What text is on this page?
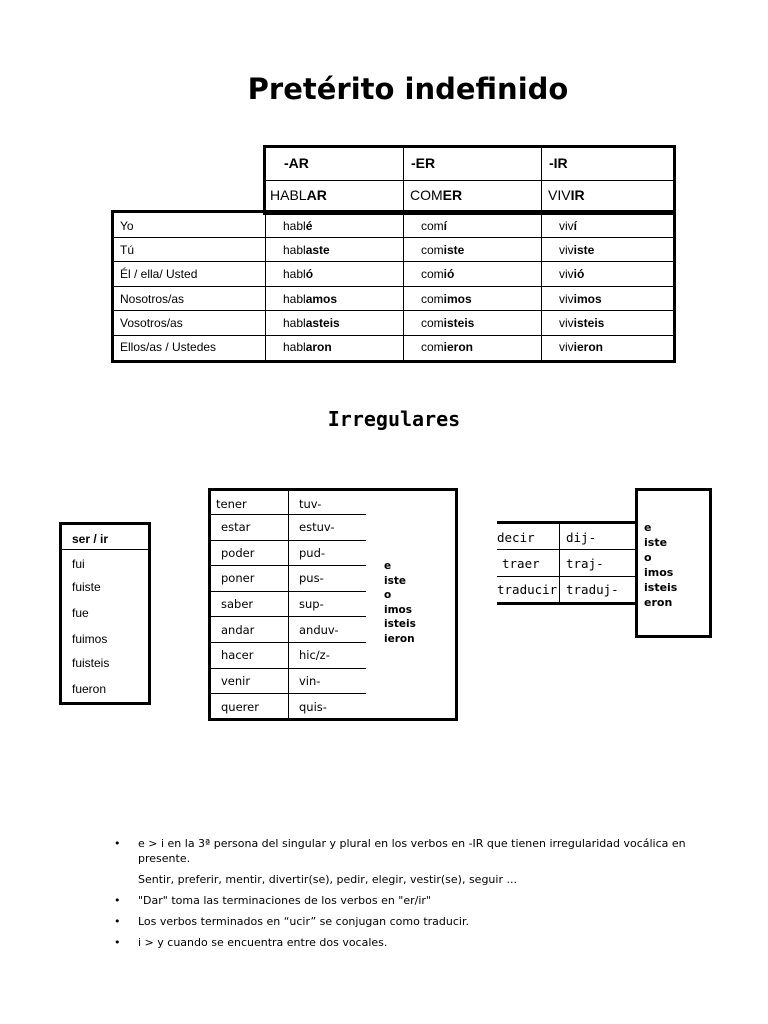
Pretérito indefinido
-AR	-ER	-IR
HABLAR	COMER	VIVIR
Yo	hablé	comí	viví
Tú	hablaste	comiste	viviste
Él / ella/ Usted	habló	comió	vivió
Nosotros/as	hablamos	comimos	vivimos
Vosotros/as	hablasteis	comisteis	vivisteis
Ellos/as / Ustedes	hablaron	comieron	vivieron
Irregulares
ser / ir
fui
fuiste
fue
fuimos
fuisteis
fueron
tener	tuv-
estar	estuv-
poder	pud-
poner	pus-
saber	sup-
andar	anduv-
hacer	hic/z-
venir	vin-
querer	quis-
e
iste
o
imos
isteis
ieron
decir	dij-
traer traj-
traducir traduj-
e
iste
o
imos
isteis
eron
• e > i en la 3ª persona del singular y plural en los verbos en -IR que tienen irregularidad vocálica en presente.
Sentir, preferir, mentir, divertir(se), pedir, elegir, vestir(se), seguir ...
• "Dar" toma las terminaciones de los verbos en "er/ir"
• Los verbos terminados en “ucir” se conjugan como traducir.
• i > y cuando se encuentra entre dos vocales.
